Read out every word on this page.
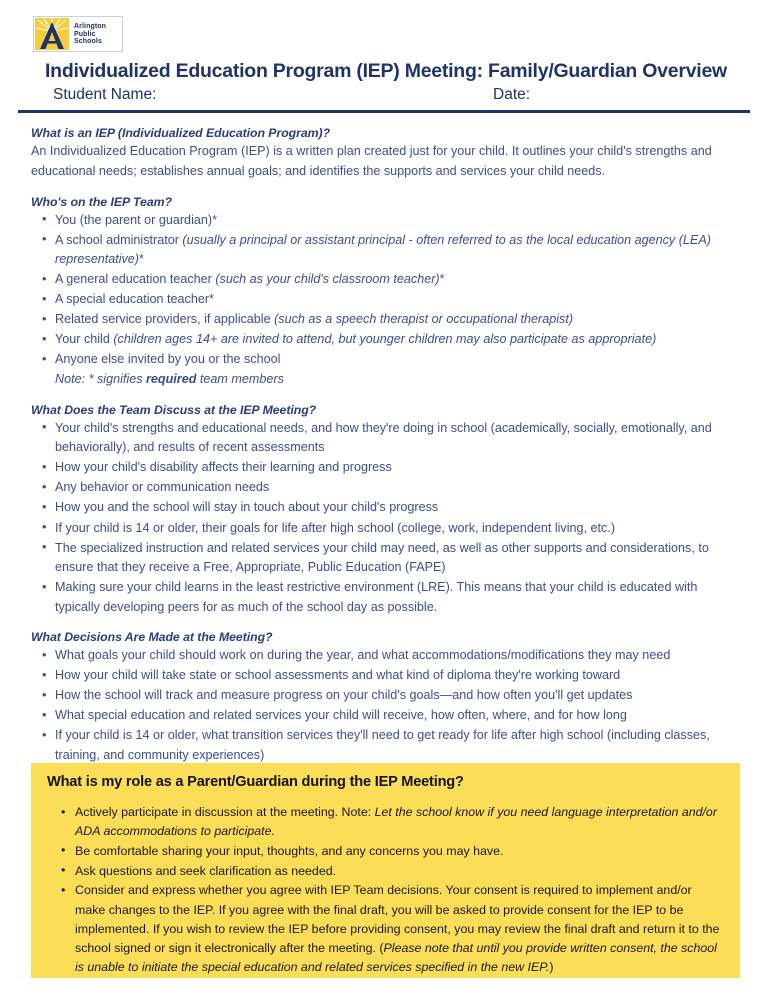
Arlington
Public
Schools
Individualized Education Program (IEP) Meeting: Family/Guardian Overview
Student Name:	Date:
What is an IEP (Individualized Education Program)?

An Individualized Education Program (IEP) is a written plan created just for your child. It outlines your child's strengths and educational needs; establishes annual goals; and identifies the supports and services your child needs.

Who's on the IEP Team?
• You (the parent or guardian)*
• A school administrator (usually a principal or assistant principal - often referred to as the local education agency (LEA) representative)*
• A general education teacher (such as your child's classroom teacher)*
• A special education teacher*
• Related service providers, if applicable (such as a speech therapist or occupational therapist)
• Your child (children ages 14+ are invited to attend, but younger children may also participate as appropriate)
• Anyone else invited by you or the school
Note: * signifies required team members
What Does the Team Discuss at the IEP Meeting?
• Your child's strengths and educational needs, and how they're doing in school (academically, socially, emotionally, and behaviorally), and results of recent assessments
• How your child's disability affects their learning and progress
• Any behavior or communication needs
• How you and the school will stay in touch about your child's progress
• If your child is 14 or older, their goals for life after high school (college, work, independent living, etc.)
• The specialized instruction and related services your child may need, as well as other supports and considerations, to ensure that they receive a Free, Appropriate, Public Education (FAPE)
• Making sure your child learns in the least restrictive environment (LRE). This means that your child is educated with typically developing peers for as much of the school day as possible.
What Decisions Are Made at the Meeting?
• What goals your child should work on during the year, and what accommodations/modifications they may need
• How your child will take state or school assessments and what kind of diploma they're working toward
• How the school will track and measure progress on your child's goals—and how often you'll get updates
• What special education and related services your child will receive, how often, where, and for how long
• If your child is 14 or older, what transition services they'll need to get ready for life after high school (including classes, training, and community experiences)
What is my role as a Parent/Guardian during the IEP Meeting?
• Actively participate in discussion at the meeting. Note: Let the school know if you need language interpretation and/or ADA accommodations to participate.
• Be comfortable sharing your input, thoughts, and any concerns you may have.
• Ask questions and seek clarification as needed.
• Consider and express whether you agree with IEP Team decisions. Your consent is required to implement and/or make changes to the IEP. If you agree with the final draft, you will be asked to provide consent for the IEP to be implemented. If you wish to review the IEP before providing consent, you may review the final draft and return it to the school signed or sign it electronically after the meeting. (Please note that until you provide written consent, the school is unable to initiate the special education and related services specified in the new IEP.)
